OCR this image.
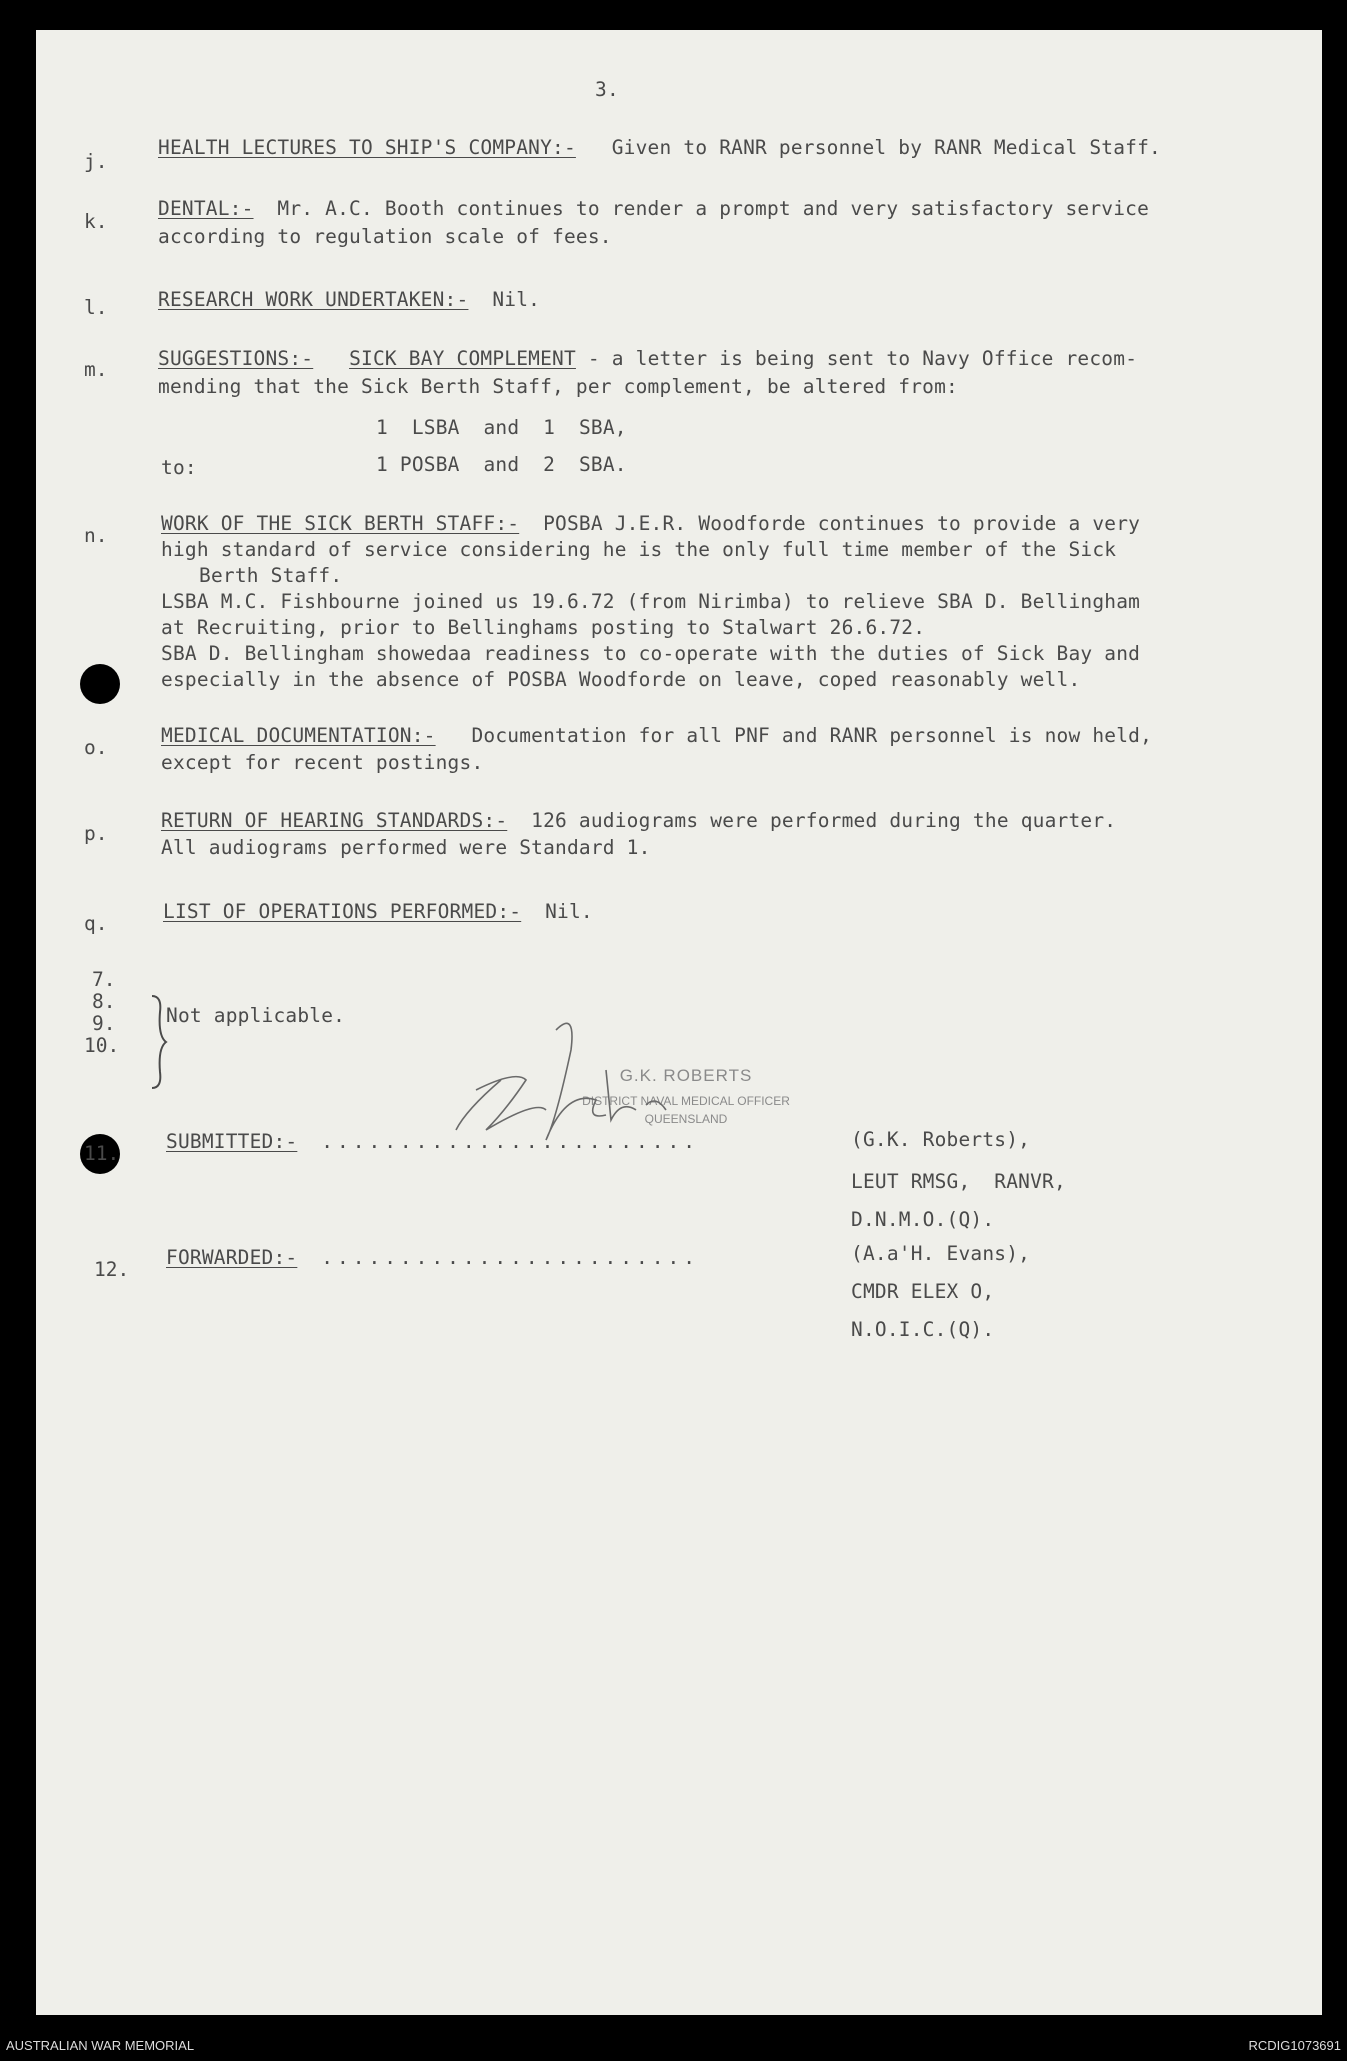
3.
j.
HEALTH LECTURES TO SHIP'S COMPANY:- Given to RANR personnel by RANR Medical Staff.
k.
DENTAL:- Mr. A.C. Booth continues to render a prompt and very satisfactory service
according to regulation scale of fees.
l.	RESEARCH WORK UNDERTAKEN:- Nil.
m.	SUGGESTIONS:- SICK BAY COMPLEMENT - a letter is being sent to Navy Office recom-
mending that the Sick Berth Staff, per complement, be altered from:
1  LSBA  and  1  SBA,
to:	1 POSBA  and  2  SBA.
n.
WORK OF THE SICK BERTH STAFF:- POSBA J.E.R. Woodforde continues to provide a very
high standard of service considering he is the only full time member of the Sick
Berth Staff.
LSBA M.C. Fishbourne joined us 19.6.72 (from Nirimba) to relieve SBA D. Bellingham
at Recruiting, prior to Bellinghams posting to Stalwart 26.6.72.
SBA D. Bellingham showedaa readiness to co-operate with the duties of Sick Bay and
especially in the absence of POSBA Woodforde on leave, coped reasonably well.
o.
MEDICAL DOCUMENTATION:- Documentation for all PNF and RANR personnel is now held,
except for recent postings.
p.
RETURN OF HEARING STANDARDS:- 126 audiograms were performed during the quarter.
All audiograms performed were Standard 1.
q.
LIST OF OPERATIONS PERFORMED:- Nil.
7.
8.
9.
10.
Not applicable.
G.K. ROBERTS
DISTRICT NAVAL MEDICAL OFFICER
QUEENSLAND
11.
SUBMITTED:- ........................	(G.K. Roberts),
LEUT RMSG,  RANVR,
D.N.M.O.(Q).
12.
FORWARDED:- ........................	(A.a'H. Evans),
CMDR ELEX O,
N.O.I.C.(Q).
AUSTRALIAN WAR MEMORIAL	RCDIG1073691
